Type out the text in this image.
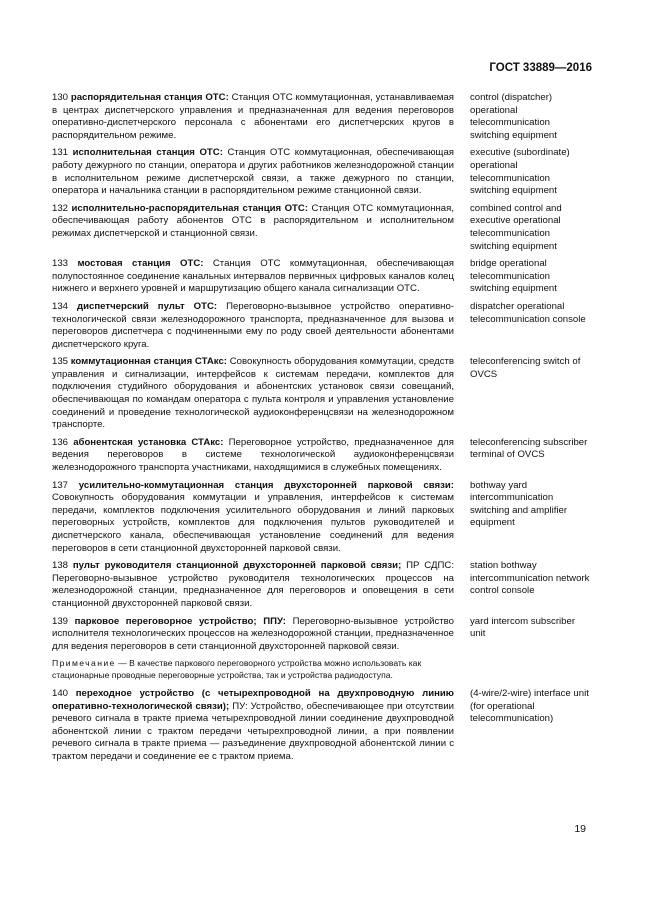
ГОСТ 33889—2016
130 распорядительная станция ОТС: Станция ОТС коммутационная, устанавливаемая в центрах диспетчерского управления и предназначенная для ведения переговоров оперативно-диспетчерского персонала с абонентами его диспетчерских кругов в распорядительном режиме.
control (dispatcher) operational telecommunication switching equipment
131 исполнительная станция ОТС: Станция ОТС коммутационная, обеспечивающая работу дежурного по станции, оператора и других работников железнодорожной станции в исполнительном режиме диспетчерской связи, а также дежурного по станции, оператора и начальника станции в распорядительном режиме станционной связи.
executive (subordinate) operational telecommunication switching equipment
132 исполнительно-распорядительная станция ОТС: Станция ОТС коммутационная, обеспечивающая работу абонентов ОТС в распорядительном и исполнительном режимах диспетчерской и станционной связи.
combined control and executive operational telecommunication switching equipment
133 мостовая станция ОТС: Станция ОТС коммутационная, обеспечивающая полупостоянное соединение канальных интервалов первичных цифровых каналов колец нижнего и верхнего уровней и маршрутизацию общего канала сигнализации ОТС.
bridge operational telecommunication switching equipment
134 диспетчерский пульт ОТС: Переговорно-вызывное устройство оперативно-технологической связи железнодорожного транспорта, предназначенное для вызова и переговоров диспетчера с подчиненными ему по роду своей деятельности абонентами диспетчерского круга.
dispatcher operational telecommunication console
135 коммутационная станция СТАкс: Совокупность оборудования коммутации, средств управления и сигнализации, интерфейсов к системам передачи, комплектов для подключения студийного оборудования и абонентских установок связи совещаний, обеспечивающая по командам оператора с пульта контроля и управления установление соединений и проведение технологической аудиоконференцсвязи на железнодорожном транспорте.
teleconferencing switch of OVCS
136 абонентская установка СТАкс: Переговорное устройство, предназначенное для ведения переговоров в системе технологической аудиоконференцсвязи железнодорожного транспорта участниками, находящимися в служебных помещениях.
teleconferencing subscriber terminal of OVCS
137 усилительно-коммутационная станция двухсторонней парковой связи: Совокупность оборудования коммутации и управления, интерфейсов к системам передачи, комплектов подключения усилительного оборудования и линий парковых переговорных устройств, комплектов для подключения пультов руководителей и диспетчерского канала, обеспечивающая установление соединений для ведения переговоров в сети станционной двухсторонней парковой связи.
bothway yard intercommunication switching and amplifier equipment
138 пульт руководителя станционной двухсторонней парковой связи; ПР СДПС: Переговорно-вызывное устройство руководителя технологических процессов на железнодорожной станции, предназначенное для переговоров и оповещения в сети станционной двухсторонней парковой связи.
station bothway intercommunication network control console
139 парковое переговорное устройство; ППУ: Переговорно-вызывное устройство исполнителя технологических процессов на железнодорожной станции, предназначенное для ведения переговоров в сети станционной двухсторонней парковой связи.
yard intercom subscriber unit
Примечание — В качестве паркового переговорного устройства можно использовать как стационарные проводные переговорные устройства, так и устройства радиодоступа.
140 переходное устройство (с четырехпроводной на двухпроводную линию оперативно-технологической связи); ПУ: Устройство, обеспечивающее при отсутствии речевого сигнала в тракте приема четырехпроводной линии соединение двухпроводной абонентской линии с трактом передачи четырехпроводной линии, а при появлении речевого сигнала в тракте приема — разъединение двухпроводной абонентской линии с трактом передачи и соединение ее с трактом приема.
(4-wire/2-wire) interface unit (for operational telecommunication)
19
